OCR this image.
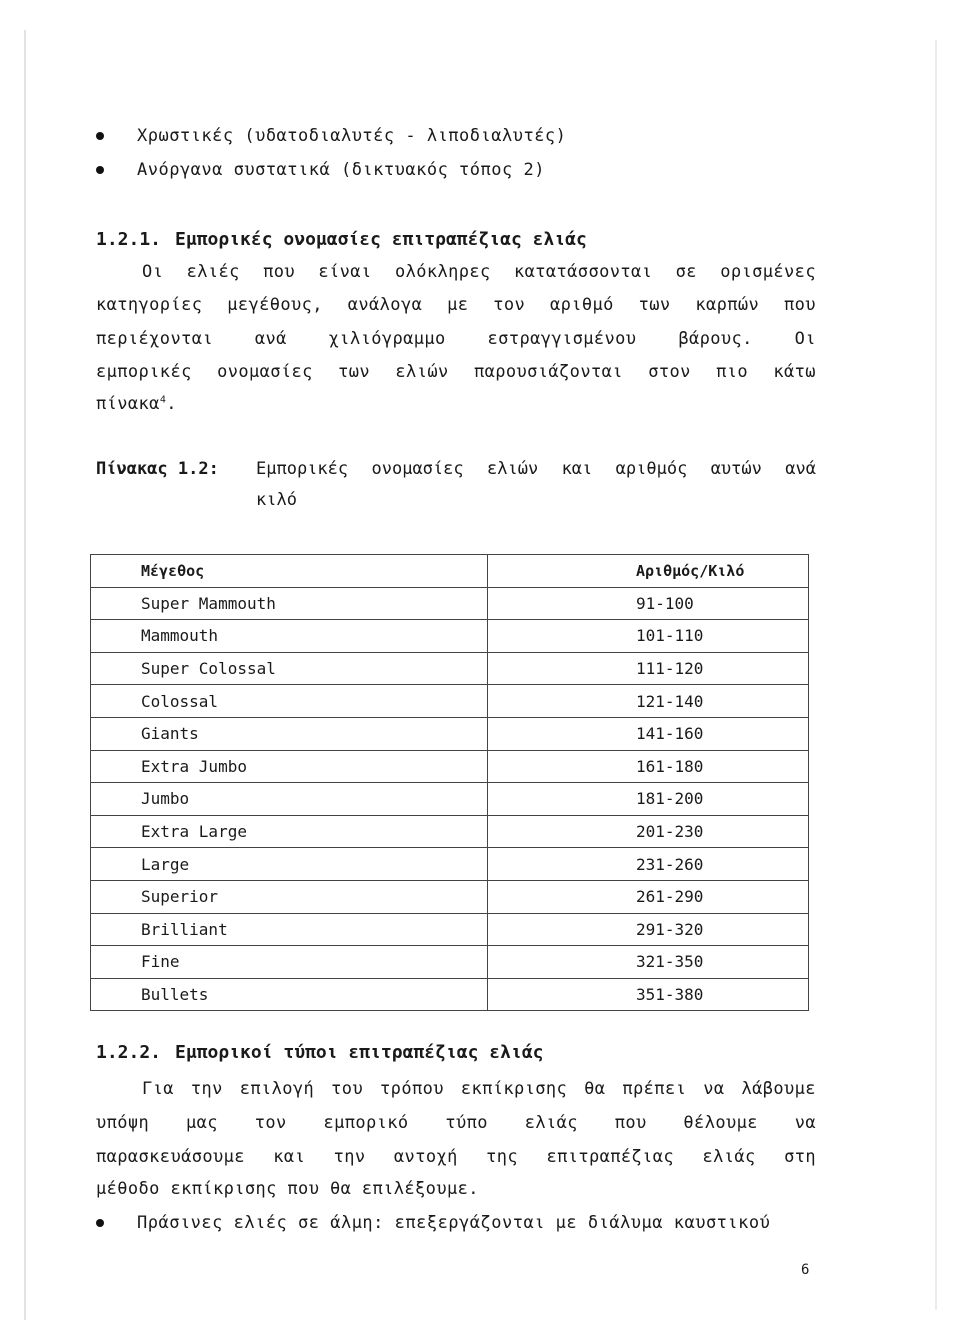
Χρωστικές (υδατοδιαλυτές - λιποδιαλυτές)
Ανόργανα συστατικά (δικτυακός τόπος 2)
1.2.1. Εμπορικές ονομασίες επιτραπέζιας ελιάς
Οι ελιές που είναι ολόκληρες κατατάσσονται σε ορισμένες
κατηγορίες μεγέθους, ανάλογα με τον αριθμό των καρπών που
περιέχονται ανά χιλιόγραμμο εστραγγισμένου βάρους. Οι
εμπορικές ονομασίες των ελιών παρουσιάζονται στον πιο κάτω
πίνακα$^4$.
Πίνακας 1.2:	Εμπορικές ονομασίες ελιών και αριθμός αυτών ανά
κιλό
Μέγεθος	Αριθμός/Κιλό
Super Mammouth	91-100
Mammouth	101-110
Super Colossal	111-120
Colossal	121-140
Giants	141-160
Extra Jumbo	161-180
Jumbo	181-200
Extra Large	201-230
Large	231-260
Superior	261-290
Brilliant	291-320
Fine	321-350
Bullets	351-380
1.2.2. Εμπορικοί τύποι επιτραπέζιας ελιάς
Για την επιλογή του τρόπου εκπίκρισης θα πρέπει να λάβουμε
υπόψη μας τον εμπορικό τύπο ελιάς που θέλουμε να
παρασκευάσουμε και την αντοχή της επιτραπέζιας ελιάς στη
μέθοδο εκπίκρισης που θα επιλέξουμε.
Πράσινες ελιές σε άλμη: επεξεργάζονται με διάλυμα καυστικού
6
